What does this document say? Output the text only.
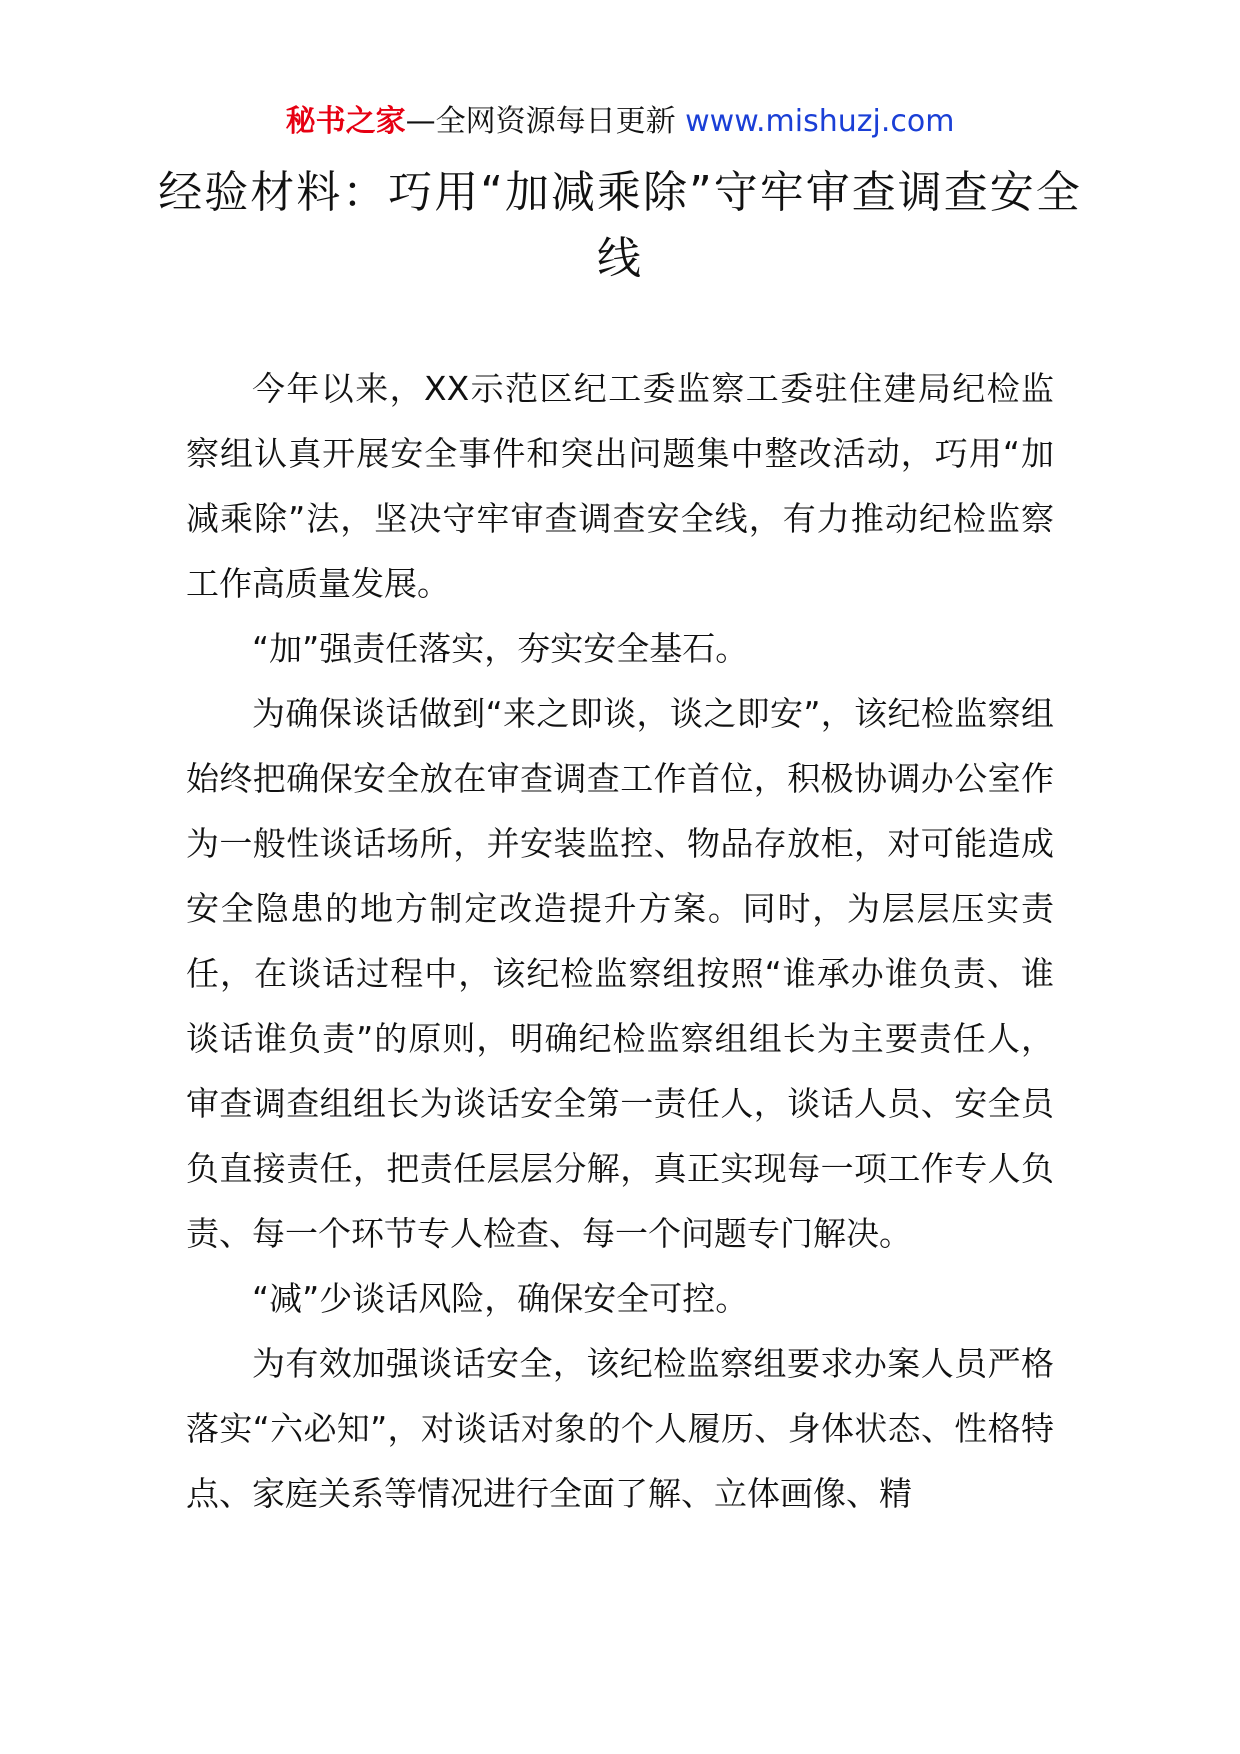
秘书之家—全网资源每日更新 www.mishuzj.com
经验材料：巧用“加减乘除”守牢审查调查安全线

今年以来，XX示范区纪工委监察工委驻住建局纪检监察组认真开展安全事件和突出问题集中整改活动，巧用“加减乘除”法，坚决守牢审查调查安全线，有力推动纪检监察工作高质量发展。

“加”强责任落实，夯实安全基石。

为确保谈话做到“来之即谈，谈之即安”，该纪检监察组始终把确保安全放在审查调查工作首位，积极协调办公室作为一般性谈话场所，并安装监控、物品存放柜，对可能造成安全隐患的地方制定改造提升方案。同时，为层层压实责任，在谈话过程中，该纪检监察组按照“谁承办谁负责、谁谈话谁负责”的原则，明确纪检监察组组长为主要责任人，审查调查组组长为谈话安全第一责任人，谈话人员、安全员负直接责任，把责任层层分解，真正实现每一项工作专人负责、每一个环节专人检查、每一个问题专门解决。

“减”少谈话风险，确保安全可控。

为有效加强谈话安全，该纪检监察组要求办案人员严格落实“六必知”，对谈话对象的个人履历、身体状态、性格特点、家庭关系等情况进行全面了解、立体画像、精
